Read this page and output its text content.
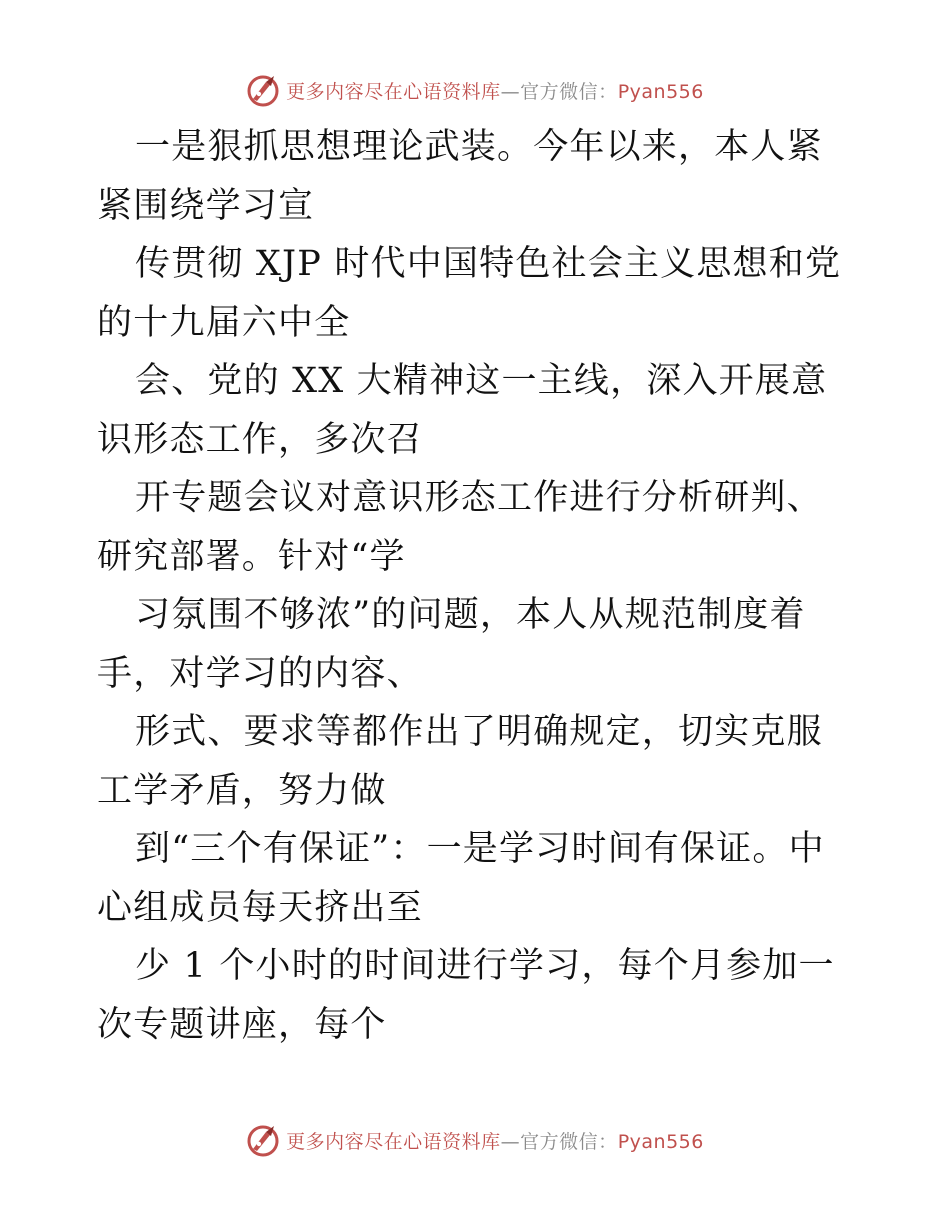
更多内容尽在心语资料库—官方微信：Pyan556

一是狠抓思想理论武装。今年以来，本人紧紧围绕学习宣

传贯彻 XJP 时代中国特色社会主义思想和党的十九届六中全

会、党的 XX 大精神这一主线，深入开展意识形态工作，多次召

开专题会议对意识形态工作进行分析研判、研究部署。针对“学

习氛围不够浓”的问题，本人从规范制度着手，对学习的内容、

形式、要求等都作出了明确规定，切实克服工学矛盾，努力做

到“三个有保证”：一是学习时间有保证。中心组成员每天挤出至

少 1 个小时的时间进行学习，每个月参加一次专题讲座，每个

更多内容尽在心语资料库—官方微信：Pyan556
